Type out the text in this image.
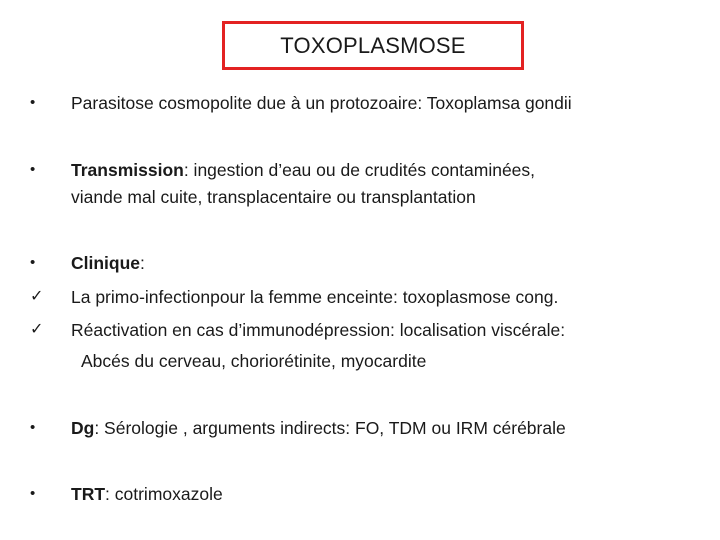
TOXOPLASMOSE
•	Parasitose cosmopolite due à un protozoaire: Toxoplamsa gondii
•	Transmission: ingestion d’eau ou de crudités contaminées,
viande mal cuite, transplacentaire ou transplantation
•	Clinique:
✓	La primo-infectionpour la femme enceinte: toxoplasmose cong.
✓	Réactivation en cas d’immunodépression: localisation viscérale:
Abcés du cerveau, choriorétinite, myocardite
•	Dg: Sérologie , arguments indirects: FO, TDM ou IRM cérébrale
•	TRT: cotrimoxazole
